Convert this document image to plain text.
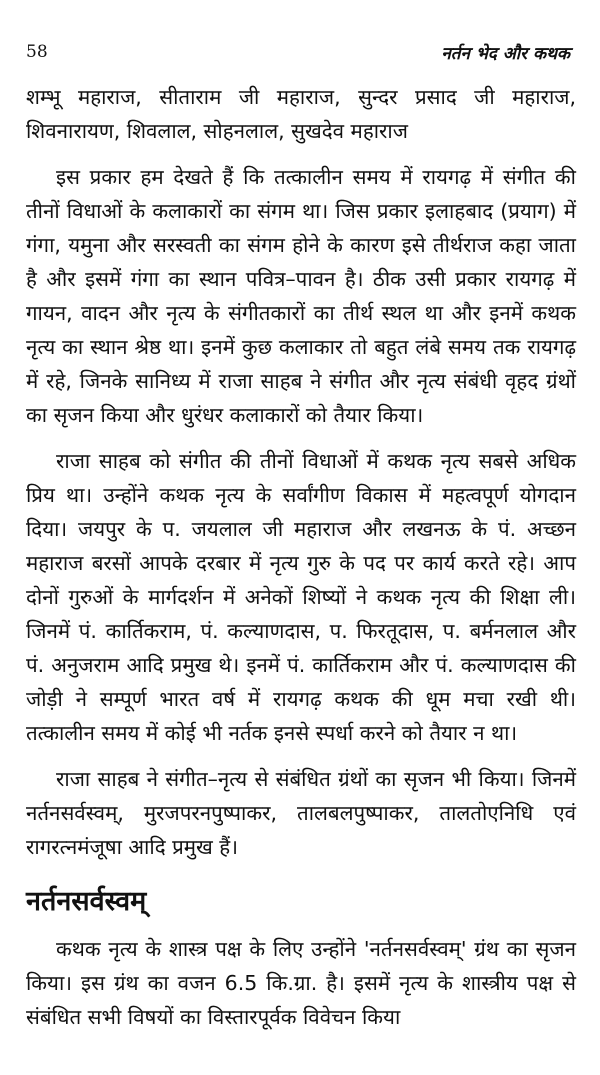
58	नर्तन भेद और कथक

शम्भू महाराज, सीताराम जी महाराज, सुन्दर प्रसाद जी महाराज, शिवनारायण, शिवलाल, सोहनलाल, सुखदेव महाराज

इस प्रकार हम देखते हैं कि तत्कालीन समय में रायगढ़ में संगीत की तीनों विधाओं के कलाकारों का संगम था। जिस प्रकार इलाहबाद (प्रयाग) में गंगा, यमुना और सरस्वती का संगम होने के कारण इसे तीर्थराज कहा जाता है और इसमें गंगा का स्थान पवित्र–पावन है। ठीक उसी प्रकार रायगढ़ में गायन, वादन और नृत्य के संगीतकारों का तीर्थ स्थल था और इनमें कथक नृत्य का स्थान श्रेष्ठ था। इनमें कुछ कलाकार तो बहुत लंबे समय तक रायगढ़ में रहे, जिनके सानिध्य में राजा साहब ने संगीत और नृत्य संबंधी वृहद ग्रंथों का सृजन किया और धुरंधर कलाकारों को तैयार किया।

राजा साहब को संगीत की तीनों विधाओं में कथक नृत्य सबसे अधिक प्रिय था। उन्होंने कथक नृत्य के सर्वांगीण विकास में महत्वपूर्ण योगदान दिया। जयपुर के प. जयलाल जी महाराज और लखनऊ के पं. अच्छन महाराज बरसों आपके दरबार में नृत्य गुरु के पद पर कार्य करते रहे। आप दोनों गुरुओं के मार्गदर्शन में अनेकों शिष्यों ने कथक नृत्य की शिक्षा ली। जिनमें पं. कार्तिकराम, पं. कल्याणदास, प. फिरतूदास, प. बर्मनलाल और पं. अनुजराम आदि प्रमुख थे। इनमें पं. कार्तिकराम और पं. कल्याणदास की जोड़ी ने सम्पूर्ण भारत वर्ष में रायगढ़ कथक की धूम मचा रखी थी। तत्कालीन समय में कोई भी नर्तक इनसे स्पर्धा करने को तैयार न था।

राजा साहब ने संगीत–नृत्य से संबंधित ग्रंथों का सृजन भी किया। जिनमें नर्तनसर्वस्वम्, मुरजपरनपुष्पाकर, तालबलपुष्पाकर, तालतोएनिधि एवं रागरत्नमंजूषा आदि प्रमुख हैं।

नर्तनसर्वस्वम्

कथक नृत्य के शास्त्र पक्ष के लिए उन्होंने 'नर्तनसर्वस्वम्' ग्रंथ का सृजन किया। इस ग्रंथ का वजन 6.5 कि.ग्रा. है। इसमें नृत्य के शास्त्रीय पक्ष से संबंधित सभी विषयों का विस्तारपूर्वक विवेचन किया
